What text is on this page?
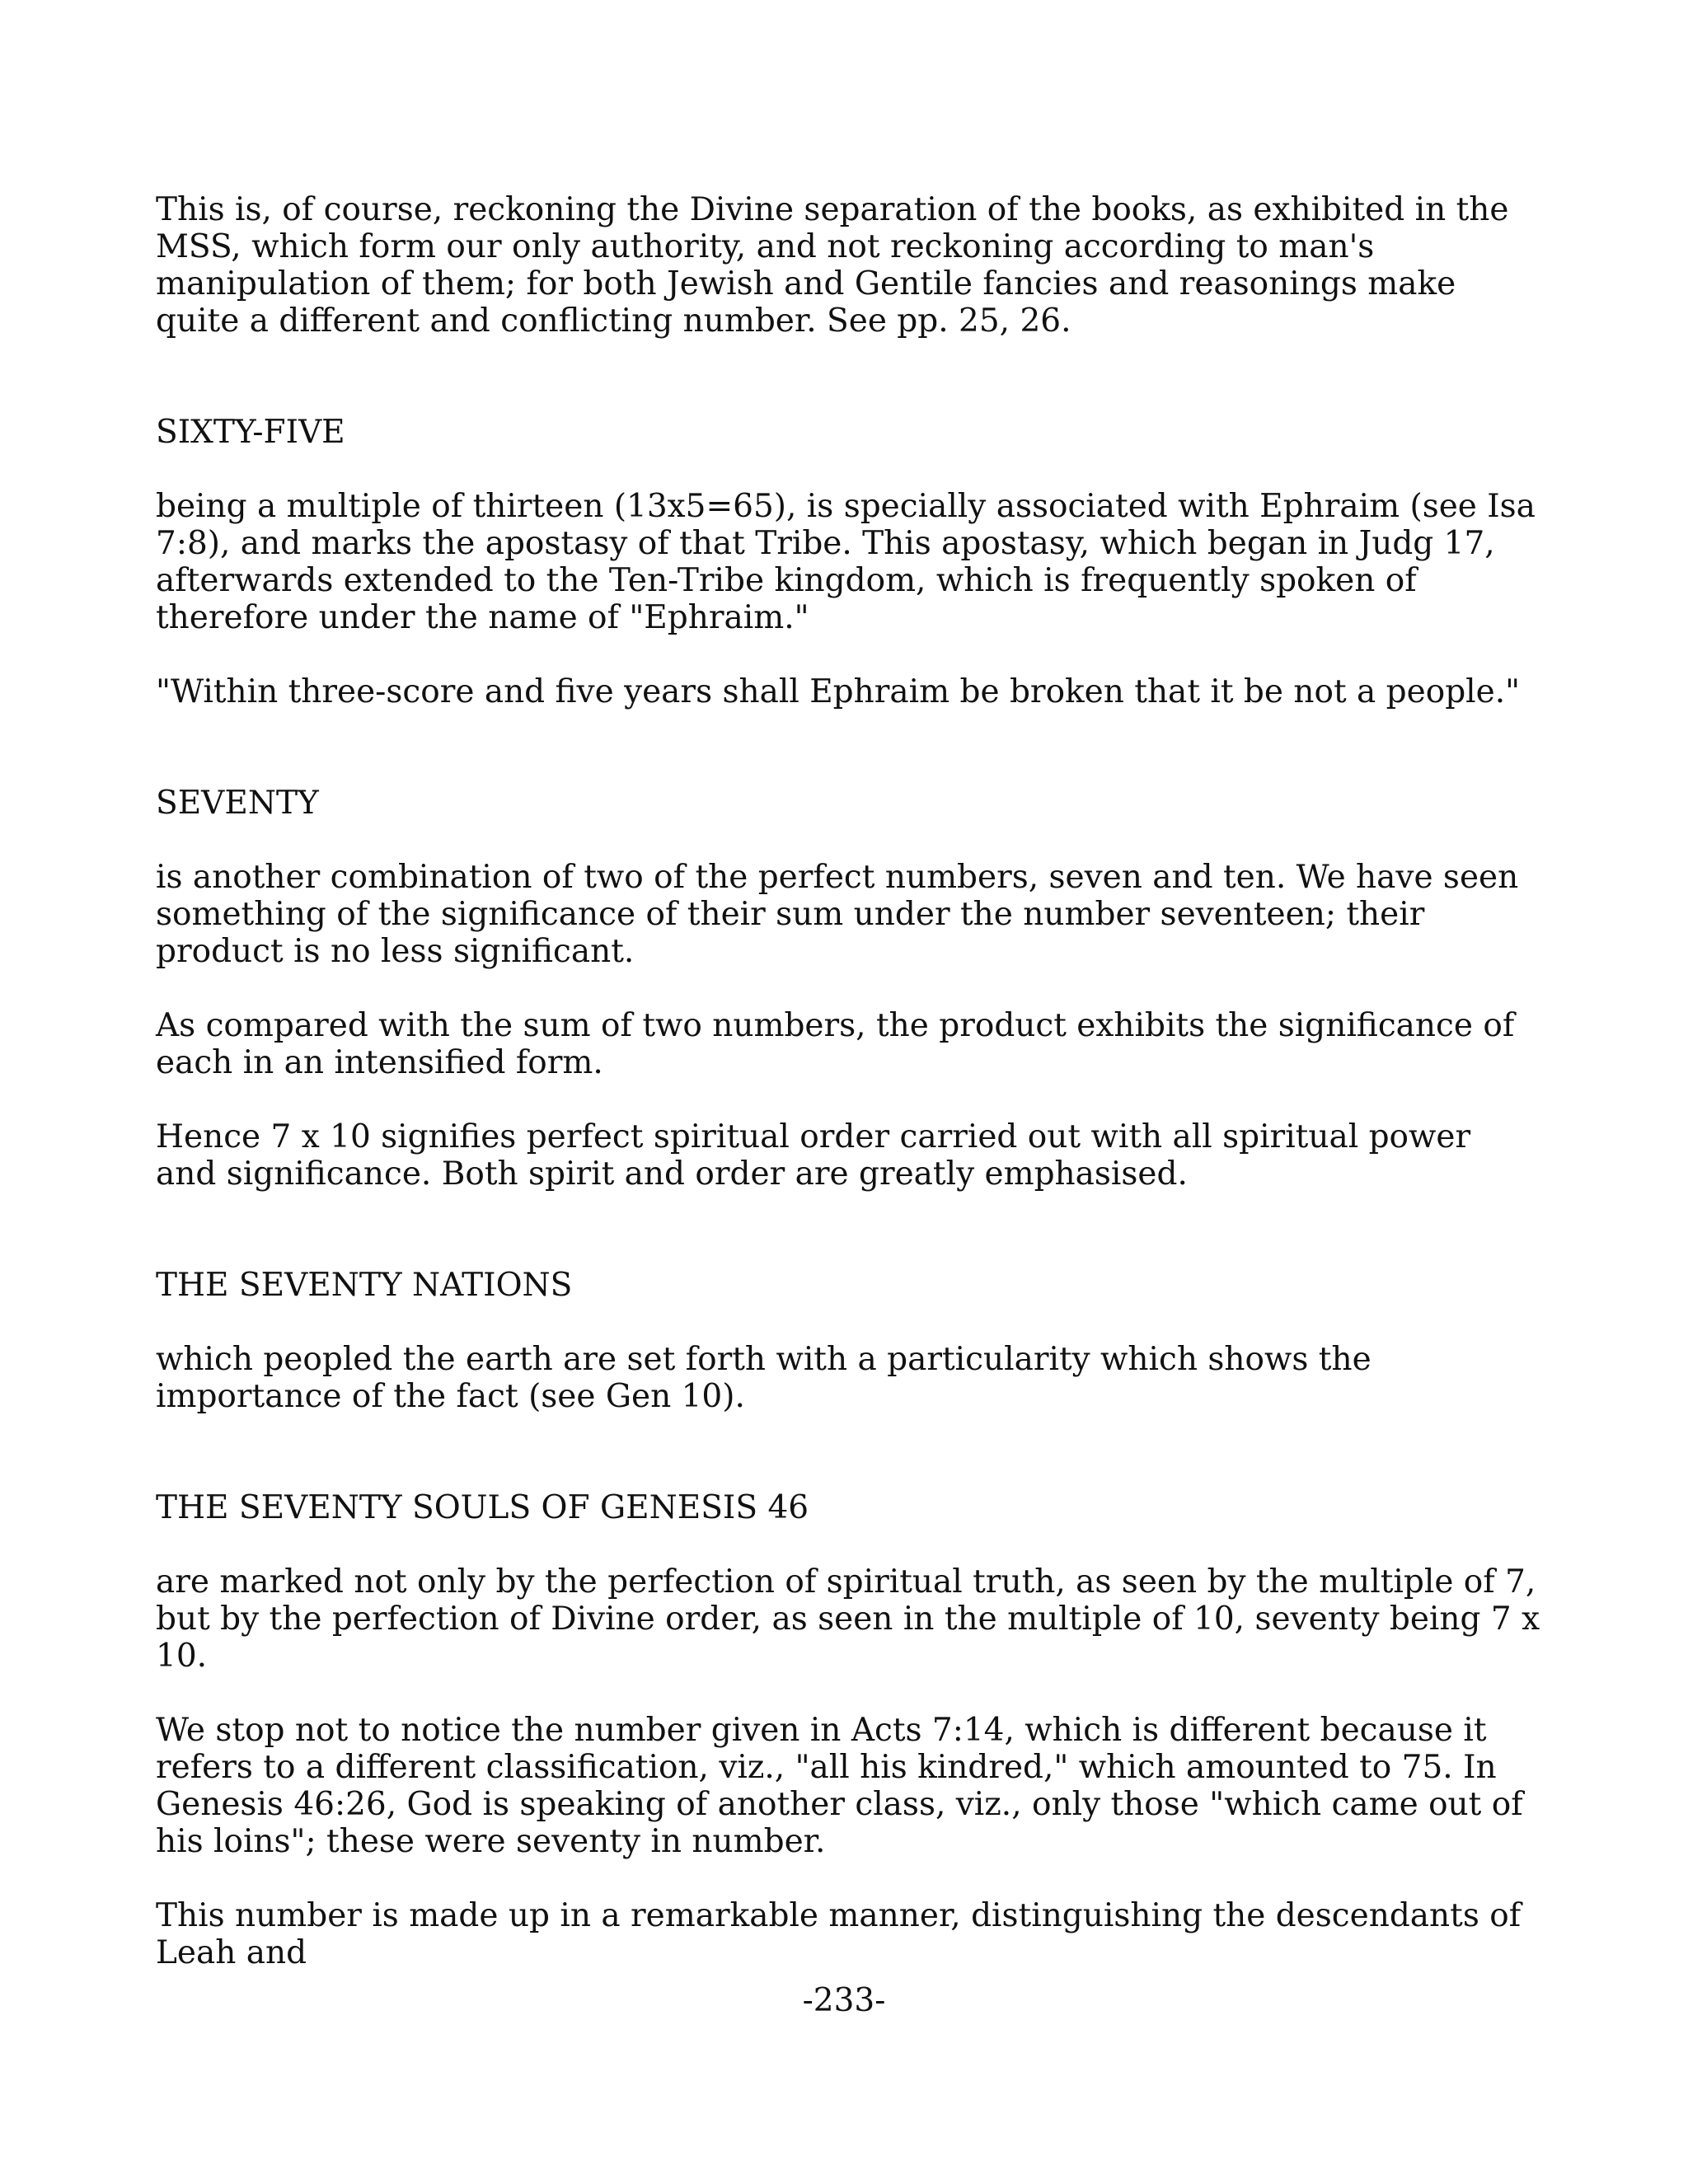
This is, of course, reckoning the Divine separation of the books, as exhibited in the MSS, which form our only authority, and not reckoning according to man's manipulation of them; for both Jewish and Gentile fancies and reasonings make quite a different and conflicting number. See pp. 25, 26.

SIXTY-FIVE

being a multiple of thirteen (13x5=65), is specially associated with Ephraim (see Isa 7:8), and marks the apostasy of that Tribe. This apostasy, which began in Judg 17, afterwards extended to the Ten-Tribe kingdom, which is frequently spoken of therefore under the name of "Ephraim."

"Within three-score and five years shall Ephraim be broken that it be not a people."

SEVENTY

is another combination of two of the perfect numbers, seven and ten. We have seen something of the significance of their sum under the number seventeen; their product is no less significant.

As compared with the sum of two numbers, the product exhibits the significance of each in an intensified form.

Hence 7 x 10 signifies perfect spiritual order carried out with all spiritual power and significance. Both spirit and order are greatly emphasised.

THE SEVENTY NATIONS

which peopled the earth are set forth with a particularity which shows the importance of the fact (see Gen 10).

THE SEVENTY SOULS OF GENESIS 46

are marked not only by the perfection of spiritual truth, as seen by the multiple of 7, but by the perfection of Divine order, as seen in the multiple of 10, seventy being 7 x 10.

We stop not to notice the number given in Acts 7:14, which is different because it refers to a different classification, viz., "all his kindred," which amounted to 75. In Genesis 46:26, God is speaking of another class, viz., only those "which came out of his loins"; these were seventy in number.

This number is made up in a remarkable manner, distinguishing the descendants of Leah and

-233-
